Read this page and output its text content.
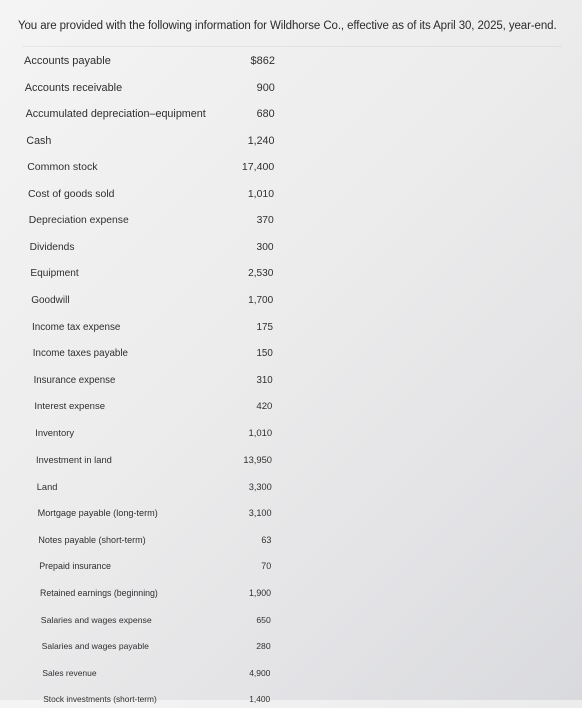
You are provided with the following information for Wildhorse Co., effective as of its April 30, 2025, year-end.
Accounts payable	$862
Accounts receivable	900
Accumulated depreciation–equipment	680
Cash	1,240
Common stock	17,400
Cost of goods sold	1,010
Depreciation expense	370
Dividends	300
Equipment	2,530
Goodwill	1,700
Income tax expense	175
Income taxes payable	150
Insurance expense	310
Interest expense	420
Inventory	1,010
Investment in land	13,950
Land	3,300
Mortgage payable (long-term)	3,100
Notes payable (short-term)	63
Prepaid insurance	70
Retained earnings (beginning)	1,900
Salaries and wages expense	650
Salaries and wages payable	280
Sales revenue	4,900
Stock investments (short-term)	1,400
